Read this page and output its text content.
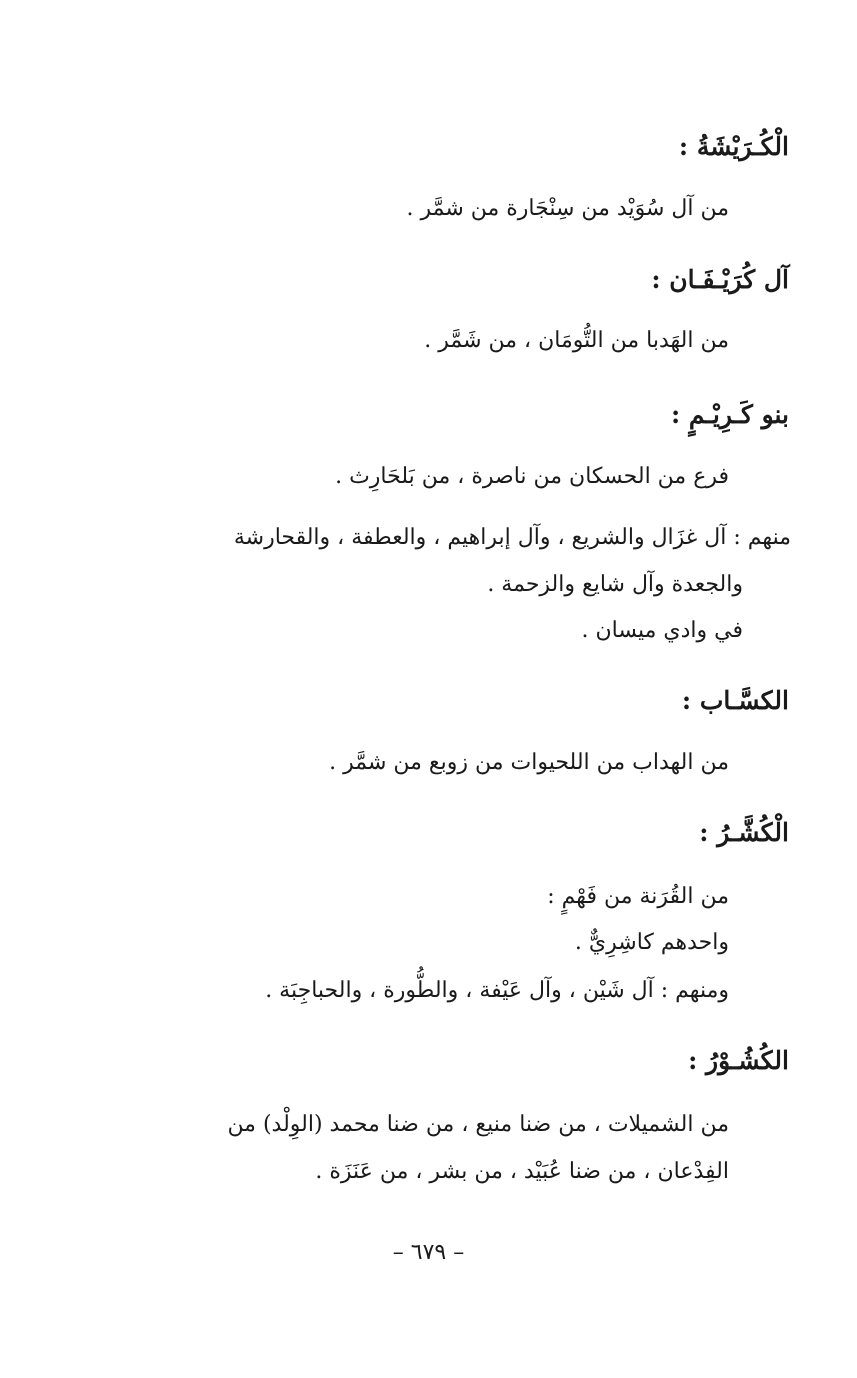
الْكُـرَيْشَةُ :
من آل سُوَيْد من سِنْجَارة من شمَّر .
آل كُرَيْـفَـان :
من الهَدبا من التُّومَان ، من شَمَّر .
بنو كَـرِيْـمٍ :
فرع من الحسكان من ناصرة ، من بَلحَارِث .
منهم : آل غزَال والشريع ، وآل إبراهيم ، والعطفة ، والقحارشة
والجعدة وآل شايع والزحمة .
في وادي ميسان .
الكسَّـاب :
من الهداب من اللحيوات من زوبع من شمَّر .
الْكُشَّـرُ :
من القُرَنة من فَهْمٍ :
واحدهم كاشِرِيٌّ .
ومنهم : آل شَيْن ، وآل عَيْفة ، والطُّورة ، والحباجِبَة .
الكُشُـوْرُ :
من الشميلات ، من ضنا منيع ، من ضنا محمد (الوِلْد) من
الفِدْعان ، من ضنا عُبَيْد ، من بشر ، من عَنَزَة .
– ٦٧٩ –
